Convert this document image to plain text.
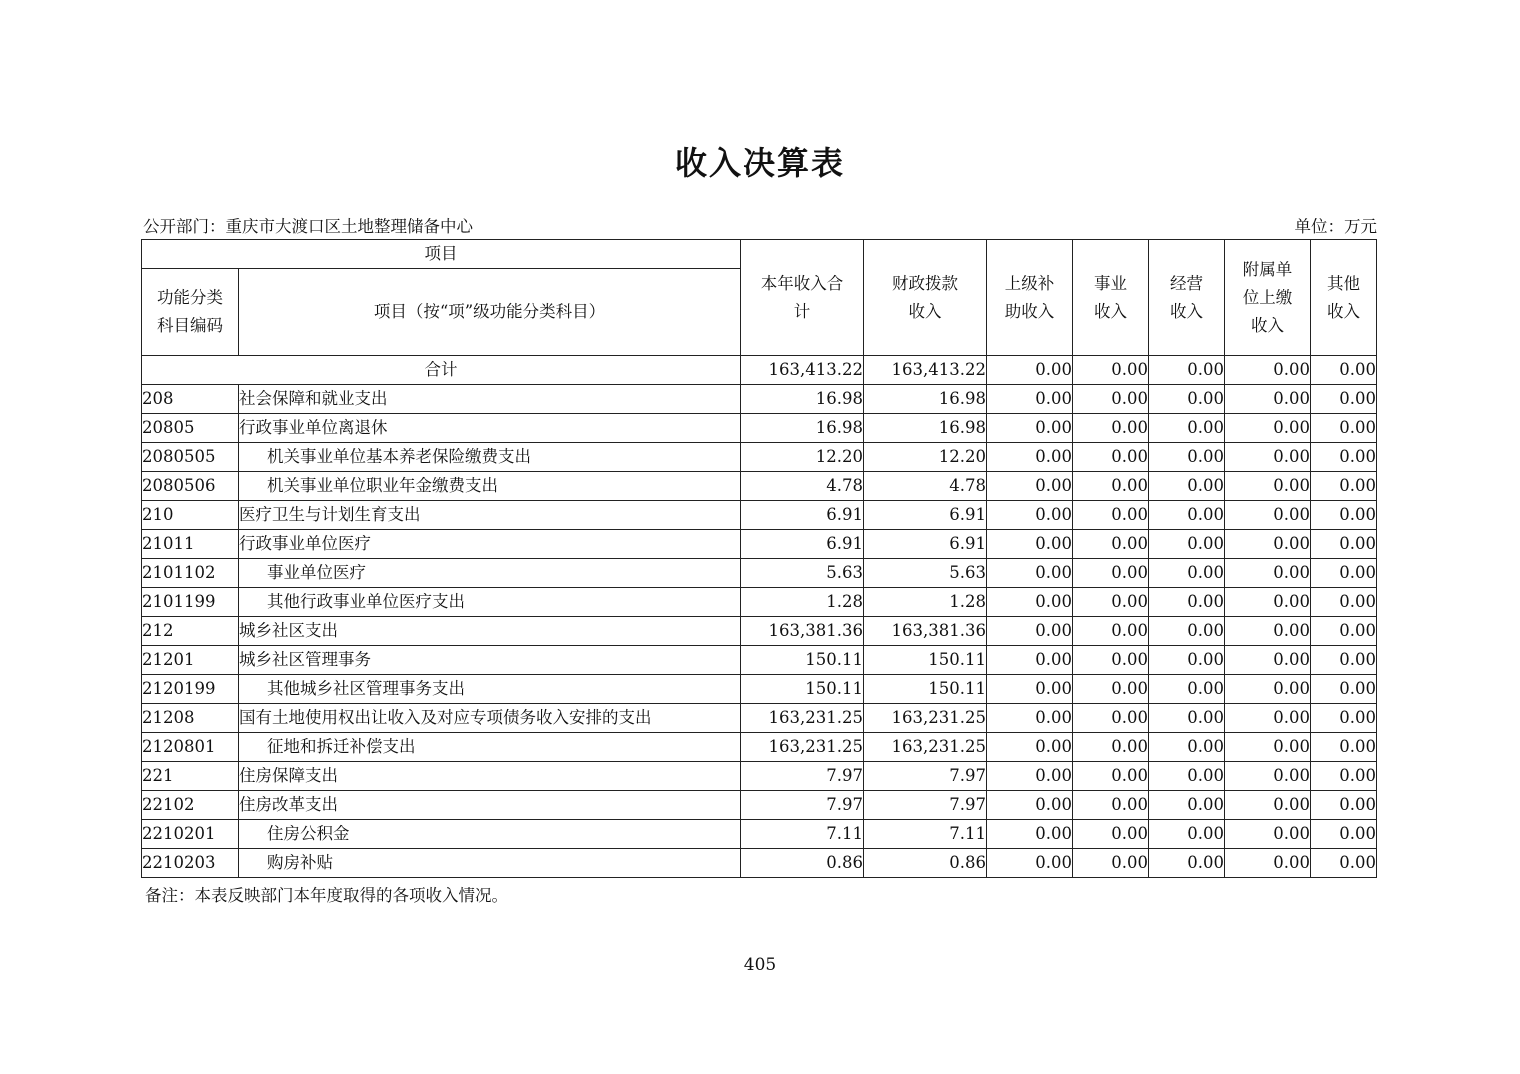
收入决算表
公开部门：重庆市大渡口区土地整理储备中心	单位：万元
项目		本年收入合计	财政拨款收入	上级补助收入	事业收入	经营收入	附属单位上缴收入	其他收入
功能分类科目编码	项目（按“项”级功能分类科目）							
合计		163,413.22	163,413.22	0.00	0.00	0.00	0.00	0.00
208	社会保障和就业支出	16.98	16.98	0.00	0.00	0.00	0.00	0.00
20805	行政事业单位离退休	16.98	16.98	0.00	0.00	0.00	0.00	0.00
2080505	机关事业单位基本养老保险缴费支出	12.20	12.20	0.00	0.00	0.00	0.00	0.00
2080506	机关事业单位职业年金缴费支出	4.78	4.78	0.00	0.00	0.00	0.00	0.00
210	医疗卫生与计划生育支出	6.91	6.91	0.00	0.00	0.00	0.00	0.00
21011	行政事业单位医疗	6.91	6.91	0.00	0.00	0.00	0.00	0.00
2101102	事业单位医疗	5.63	5.63	0.00	0.00	0.00	0.00	0.00
2101199	其他行政事业单位医疗支出	1.28	1.28	0.00	0.00	0.00	0.00	0.00
212	城乡社区支出	163,381.36	163,381.36	0.00	0.00	0.00	0.00	0.00
21201	城乡社区管理事务	150.11	150.11	0.00	0.00	0.00	0.00	0.00
2120199	其他城乡社区管理事务支出	150.11	150.11	0.00	0.00	0.00	0.00	0.00
21208	国有土地使用权出让收入及对应专项债务收入安排的支出	163,231.25	163,231.25	0.00	0.00	0.00	0.00	0.00
2120801	征地和拆迁补偿支出	163,231.25	163,231.25	0.00	0.00	0.00	0.00	0.00
221	住房保障支出	7.97	7.97	0.00	0.00	0.00	0.00	0.00
22102	住房改革支出	7.97	7.97	0.00	0.00	0.00	0.00	0.00
2210201	住房公积金	7.11	7.11	0.00	0.00	0.00	0.00	0.00
2210203	购房补贴	0.86	0.86	0.00	0.00	0.00	0.00	0.00
备注：本表反映部门本年度取得的各项收入情况。
405
